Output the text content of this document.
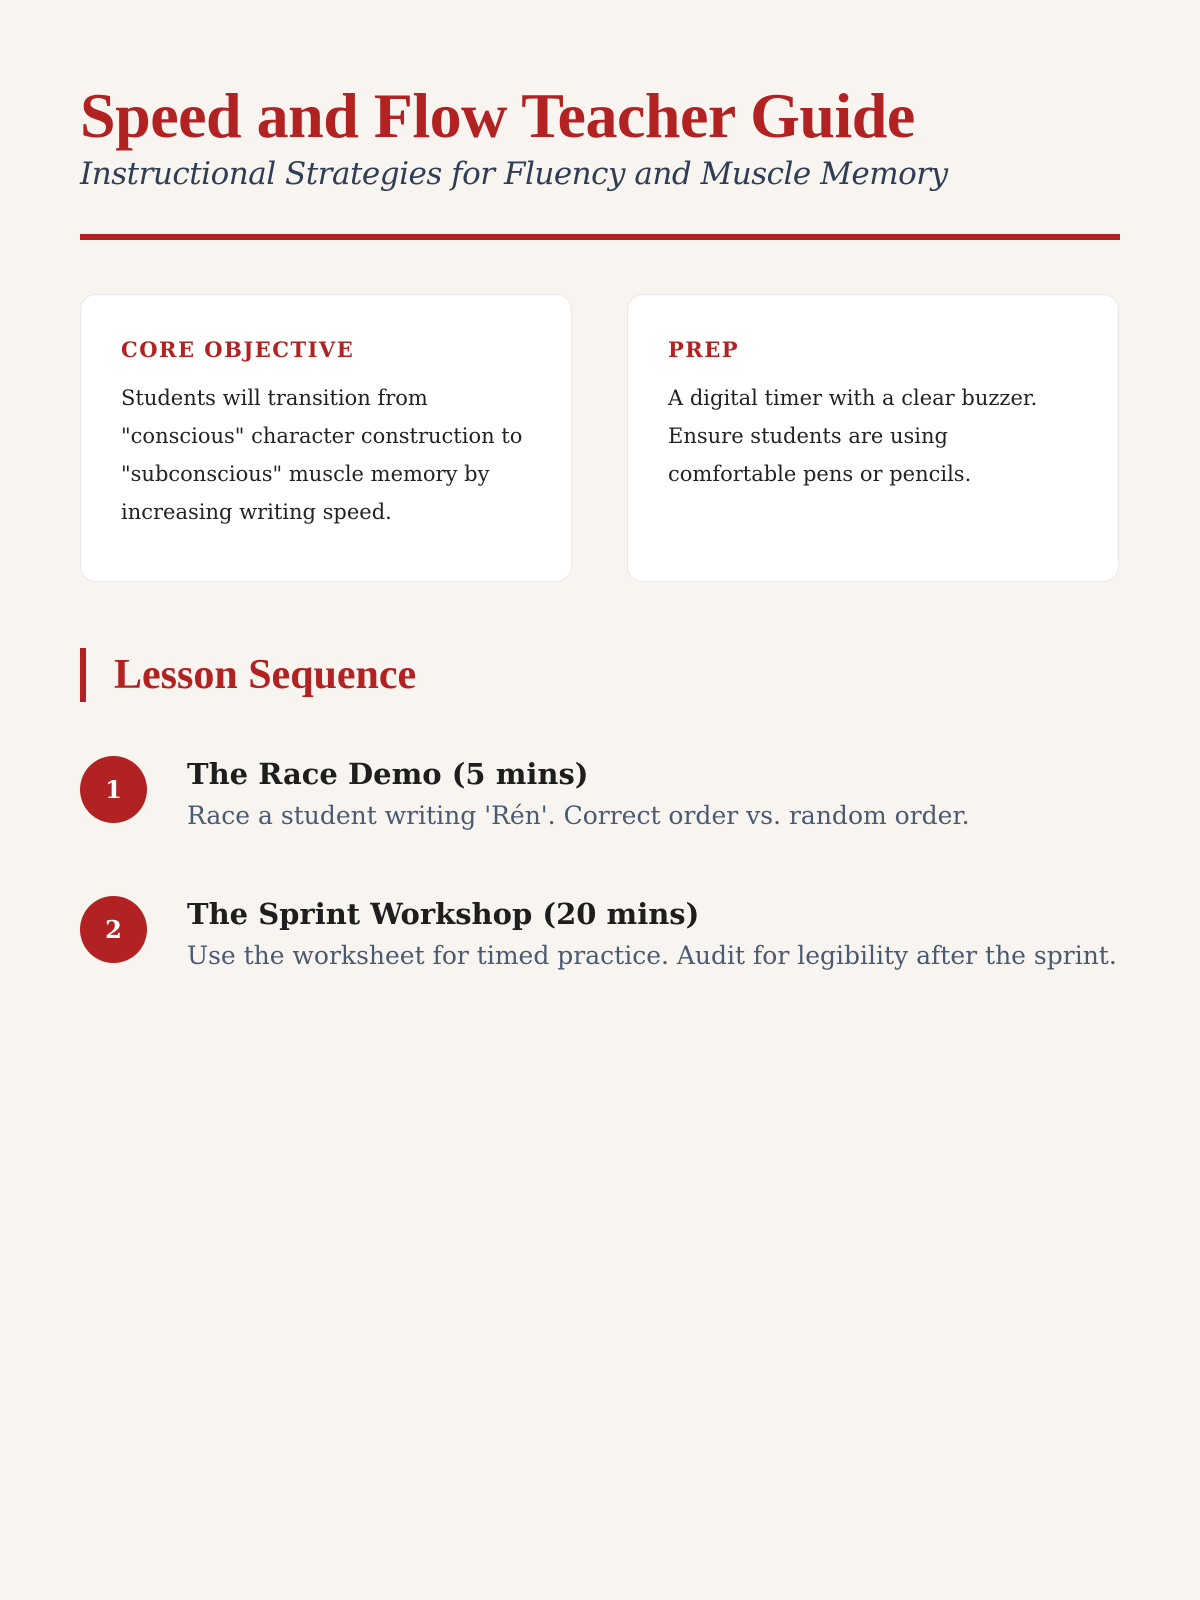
Speed and Flow Teacher Guide

Instructional Strategies for Fluency and Muscle Memory

CORE OBJECTIVE

Students will transition from "conscious" character construction to "subconscious" muscle memory by increasing writing speed.

PREP

A digital timer with a clear buzzer. Ensure students are using comfortable pens or pencils.

Lesson Sequence
1	The Race Demo (5 mins)

Race a student writing 'Rén'. Correct order vs. random order.

2	The Sprint Workshop (20 mins)

Use the worksheet for timed practice. Audit for legibility after the sprint.
